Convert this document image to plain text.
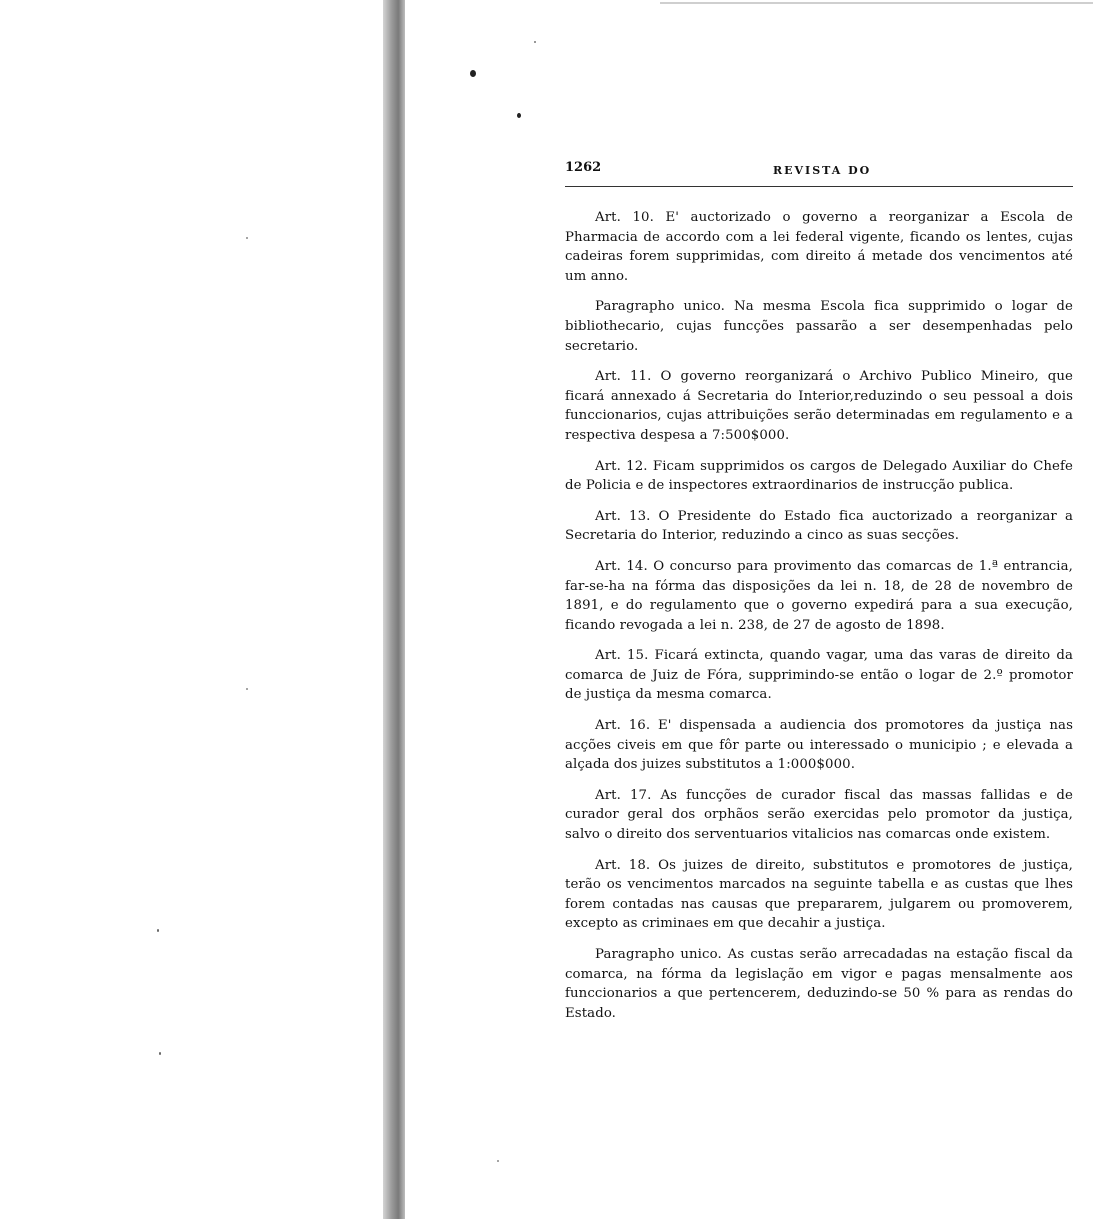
1262	REVISTA DO

Art. 10. E' auctorizado o governo a reorganizar a Escola de Pharmacia de accordo com a lei federal vigente, ficando os lentes, cujas cadeiras forem supprimidas, com direito á metade dos vencimentos até um anno.

Paragrapho unico. Na mesma Escola fica supprimido o logar de bibliothecario, cujas funcções passarão a ser desempenhadas pelo secretario.

Art. 11. O governo reorganizará o Archivo Publico Mineiro, que ficará annexado á Secretaria do Interior,reduzindo o seu pessoal a dois funccionarios, cujas attribuições serão determinadas em regulamento e a respectiva despesa a 7:500$000.

Art. 12. Ficam supprimidos os cargos de Delegado Auxiliar do Chefe de Policia e de inspectores extraordinarios de instrucção publica.

Art. 13. O Presidente do Estado fica auctorizado a reorganizar a Secretaria do Interior, reduzindo a cinco as suas secções.

Art. 14. O concurso para provimento das comarcas de 1.ª entrancia, far-se-ha na fórma das disposições da lei n. 18, de 28 de novembro de 1891, e do regulamento que o governo expedirá para a sua execução, ficando revogada a lei n. 238, de 27 de agosto de 1898.

Art. 15. Ficará extincta, quando vagar, uma das varas de direito da comarca de Juiz de Fóra, supprimindo-se então o logar de 2.º promotor de justiça da mesma comarca.

Art. 16. E' dispensada a audiencia dos promotores da justiça nas acções civeis em que fôr parte ou interessado o municipio ; e elevada a alçada dos juizes substitutos a 1:000$000.

Art. 17. As funcções de curador fiscal das massas fallidas e de curador geral dos orphãos serão exercidas pelo promotor da justiça, salvo o direito dos serventuarios vitalicios nas comarcas onde existem.

Art. 18. Os juizes de direito, substitutos e promotores de justiça, terão os vencimentos marcados na seguinte tabella e as custas que lhes forem contadas nas causas que prepararem, julgarem ou promoverem, excepto as criminaes em que decahir a justiça.

Paragrapho unico. As custas serão arrecadadas na estação fiscal da comarca, na fórma da legislação em vigor e pagas mensalmente aos funccionarios a que pertencerem, deduzindo-se 50 % para as rendas do Estado.
